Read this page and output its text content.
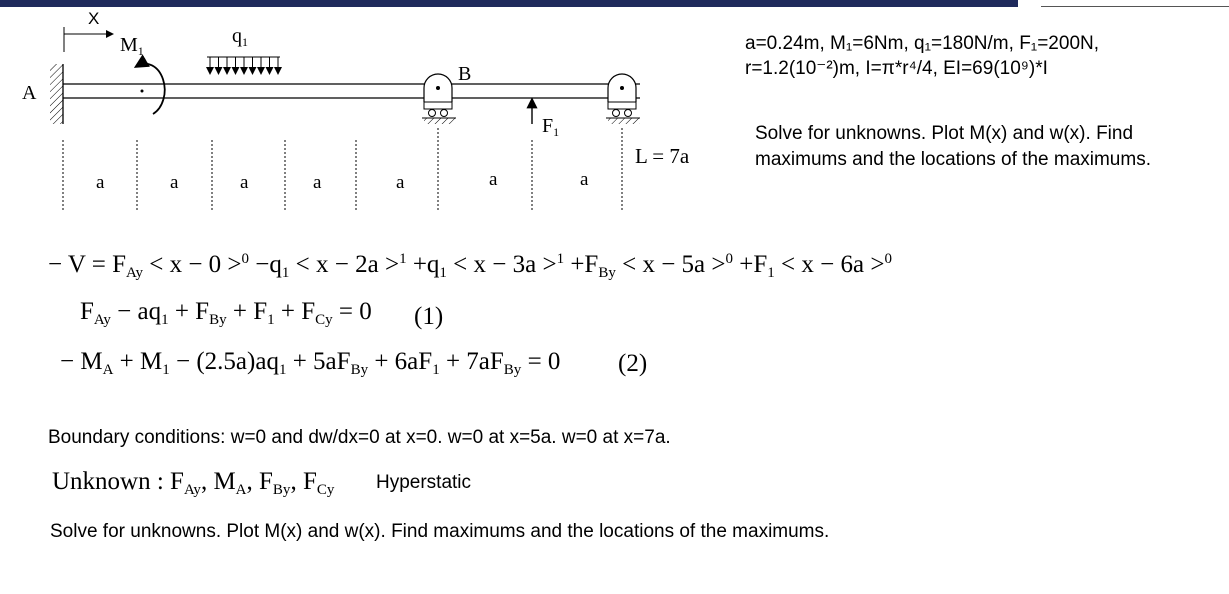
X
A
$M_1$
$q_1$
B
$F_1$
L = 7a
a	a	a	a	a	a	a
a=0.24m, M₁=6Nm, q₁=180N/m, F₁=200N,
r=1.2(10⁻²)m, I=π*r⁴/4, EI=69(10⁹)*I
Solve for unknowns. Plot M(x) and w(x). Find maximums and the locations of the maximums.
− $V = F_{Ay} < x - 0 >^0 -q_1 < x - 2a >^1 +q_1 < x - 3a >^1 +F_{By} < x - 5a >^0 +F_1 < x - 6a >^0$
$F_{Ay} - aq_1 + F_{By} + F_1 + F_{Cy} = 0$ (1)
− $M_A + M_1 - (2.5a)aq_1 + 5aF_{By} + 6aF_1 + 7aF_{By} = 0$ (2)
Boundary conditions: w=0 and dw/dx=0 at x=0. w=0 at x=5a. w=0 at x=7a.
Unknown : $F_{Ay}$, $M_A$, $F_{By}$, $F_{Cy}$ Hyperstatic
Solve for unknowns. Plot M(x) and w(x). Find maximums and the locations of the maximums.
